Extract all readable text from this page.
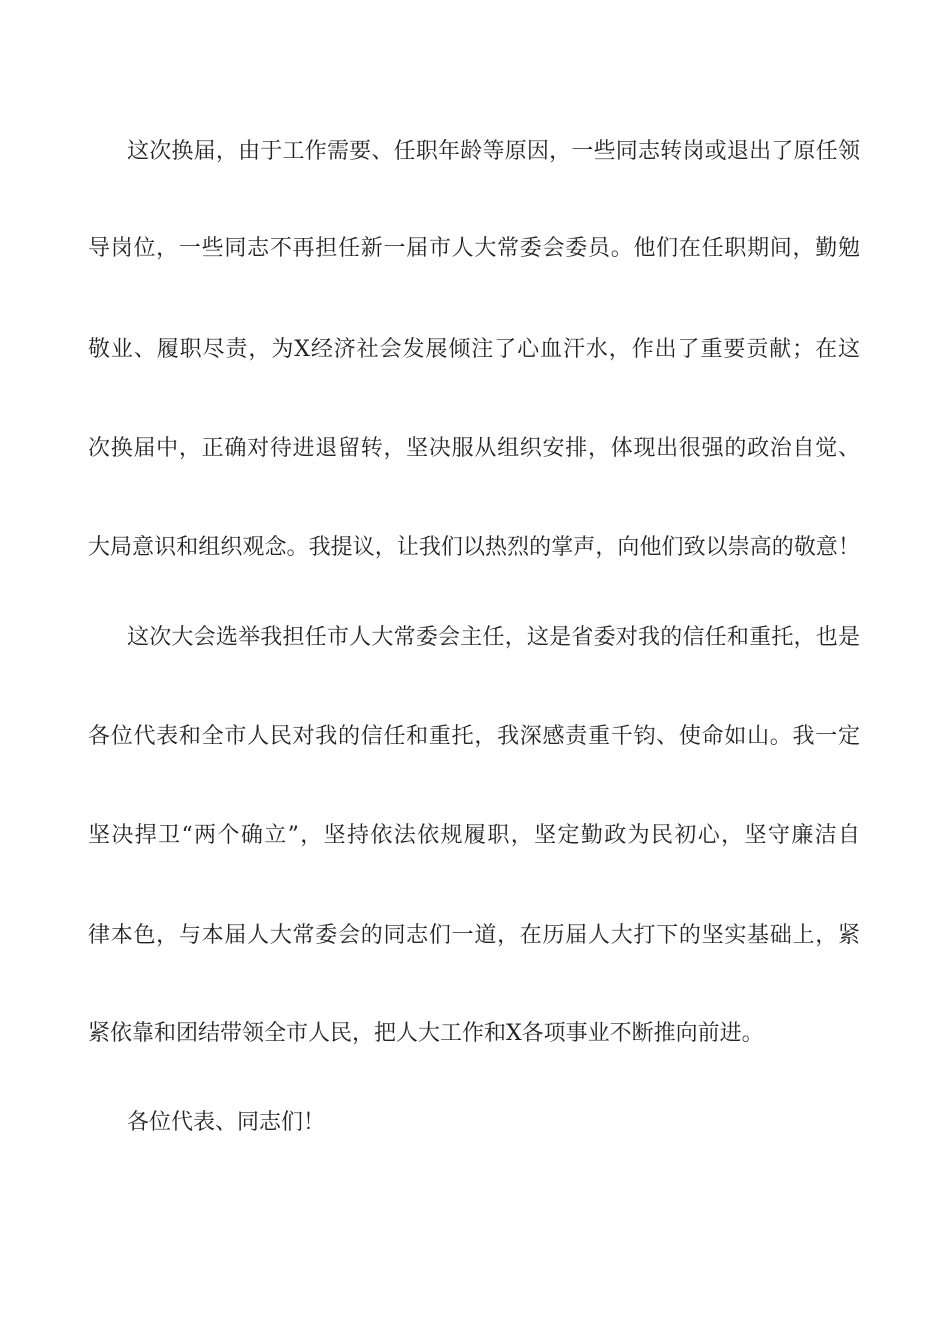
这次换届，由于工作需要、任职年龄等原因，一些同志转岗或退出了原任领
导岗位，一些同志不再担任新一届市人大常委会委员。他们在任职期间，勤勉
敬业、履职尽责，为X经济社会发展倾注了心血汗水，作出了重要贡献；在这
次换届中，正确对待进退留转，坚决服从组织安排，体现出很强的政治自觉、
大局意识和组织观念。我提议，让我们以热烈的掌声，向他们致以崇高的敬意！
这次大会选举我担任市人大常委会主任，这是省委对我的信任和重托，也是
各位代表和全市人民对我的信任和重托，我深感责重千钧、使命如山。我一定
坚决捍卫“两个确立”，坚持依法依规履职，坚定勤政为民初心，坚守廉洁自
律本色，与本届人大常委会的同志们一道，在历届人大打下的坚实基础上，紧
紧依靠和团结带领全市人民，把人大工作和X各项事业不断推向前进。
各位代表、同志们！
